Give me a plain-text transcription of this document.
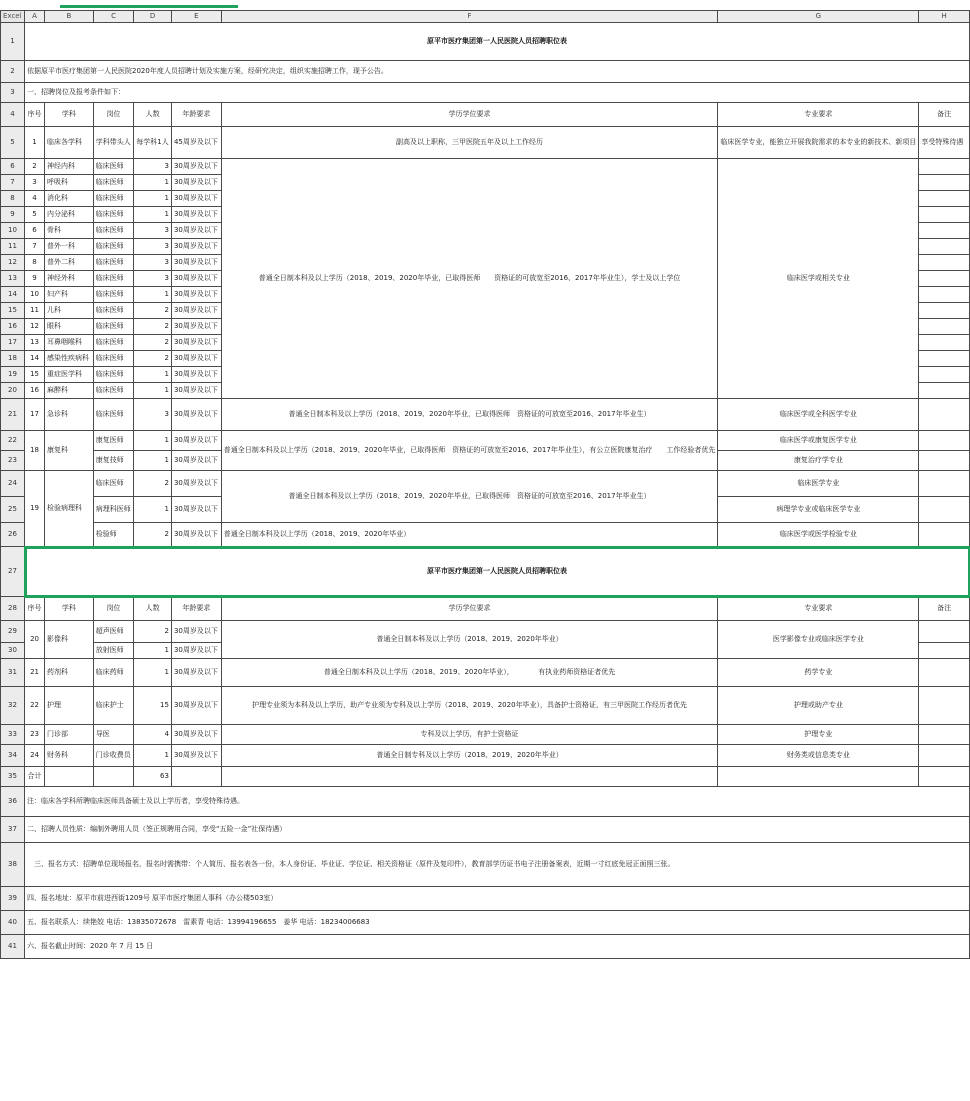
Excel	A	B	C	D	E	F	G	H
1	原平市医疗集团第一人民医院人员招聘职位表							
2	依据原平市医疗集团第一人民医院2020年度人员招聘计划及实施方案，经研究决定，组织实施招聘工作，现予公告。							
3	一、招聘岗位及报考条件如下：							
4	序号	学科	岗位	人数	年龄要求	学历学位要求	专业要求	备注
5	1	临床各学科	学科带头人	每学科1人	45周岁及以下	副高及以上职称，三甲医院五年及以上工作经历	临床医学专业，能独立开展我院需求的本专业的新技术、新项目	享受特殊待遇
6	2	神经内科	临床医师	3	30周岁及以下	普通全日制本科及以上学历（2018、2019、2020年毕业，已取得医师　　资格证的可放宽至2016、2017年毕业生），学士及以上学位	临床医学或相关专业	
7	3	呼吸科	临床医师	1	30周岁及以下			
8	4	消化科	临床医师	1	30周岁及以下			
9	5	内分泌科	临床医师	1	30周岁及以下			
10	6	骨科	临床医师	3	30周岁及以下			
11	7	普外一科	临床医师	3	30周岁及以下			
12	8	普外二科	临床医师	3	30周岁及以下			
13	9	神经外科	临床医师	3	30周岁及以下			
14	10	妇产科	临床医师	1	30周岁及以下			
15	11	儿科	临床医师	2	30周岁及以下			
16	12	眼科	临床医师	2	30周岁及以下			
17	13	耳鼻咽喉科	临床医师	2	30周岁及以下			
18	14	感染性疾病科	临床医师	2	30周岁及以下			
19	15	重症医学科	临床医师	1	30周岁及以下			
20	16	麻醉科	临床医师	1	30周岁及以下			
21	17	急诊科	临床医师	3	30周岁及以下	普通全日制本科及以上学历（2018、2019、2020年毕业，已取得医师　资格证的可放宽至2016、2017年毕业生）	临床医学或全科医学专业	
22	18	康复科	康复医师	1	30周岁及以下	普通全日制本科及以上学历（2018、2019、2020年毕业，已取得医师　资格证的可放宽至2016、2017年毕业生），有公立医院康复治疗　　工作经验者优先	临床医学或康复医学专业	
23			康复技师	1	30周岁及以下		康复治疗学专业	
24	19	检验病理科	临床医师	2	30周岁及以下	普通全日制本科及以上学历（2018、2019、2020年毕业，已取得医师　资格证的可放宽至2016、2017年毕业生）	临床医学专业	
25			病理科医师	1	30周岁及以下		病理学专业或临床医学专业	
26			检验师	2	30周岁及以下	普通全日制本科及以上学历（2018、2019、2020年毕业）	临床医学或医学检验专业	
27	原平市医疗集团第一人民医院人员招聘职位表							
28	序号	学科	岗位	人数	年龄要求	学历学位要求	专业要求	备注
29	20	影像科	超声医师	2	30周岁及以下	普通全日制本科及以上学历（2018、2019、2020年毕业）	医学影像专业或临床医学专业	
30			放射医师	1	30周岁及以下			
31	21	药剂科	临床药师	1	30周岁及以下	普通全日制本科及以上学历（2018、2019、2020年毕业），　　　　有执业药师资格证者优先	药学专业	
32	22	护理	临床护士	15	30周岁及以下	护理专业须为本科及以上学历，助产专业须为专科及以上学历（2018、2019、2020年毕业），具备护士资格证，有三甲医院工作经历者优先	护理或助产专业	
33	23	门诊部	导医	4	30周岁及以下	专科及以上学历，有护士资格证	护理专业	
34	24	财务科	门诊收费员	1	30周岁及以下	普通全日制专科及以上学历（2018、2019、2020年毕业）	财务类或信息类专业	
35	合计			63				
36	注：临床各学科所聘临床医师具备硕士及以上学历者，享受特殊待遇。							
37	二、招聘人员性质：编制外聘用人员（签正规聘用合同，享受“五险一金”社保待遇）							
38	　三、报名方式：招聘单位现场报名，报名时需携带：个人简历、报名表各一份，本人身份证、毕业证、学位证、相关资格证（原件及复印件），教育部学历证书电子注册备案表，近期一寸红底免冠正面照三张。							
39	四、报名地址：原平市前进西街1209号 原平市医疗集团人事科（办公楼503室）							
40	五、报名联系人：续艳姣 电话：13835072678　雷素青 电话：13994196655　姜华 电话：18234006683							
41	六、报名截止时间：2020 年 7 月 15 日							
